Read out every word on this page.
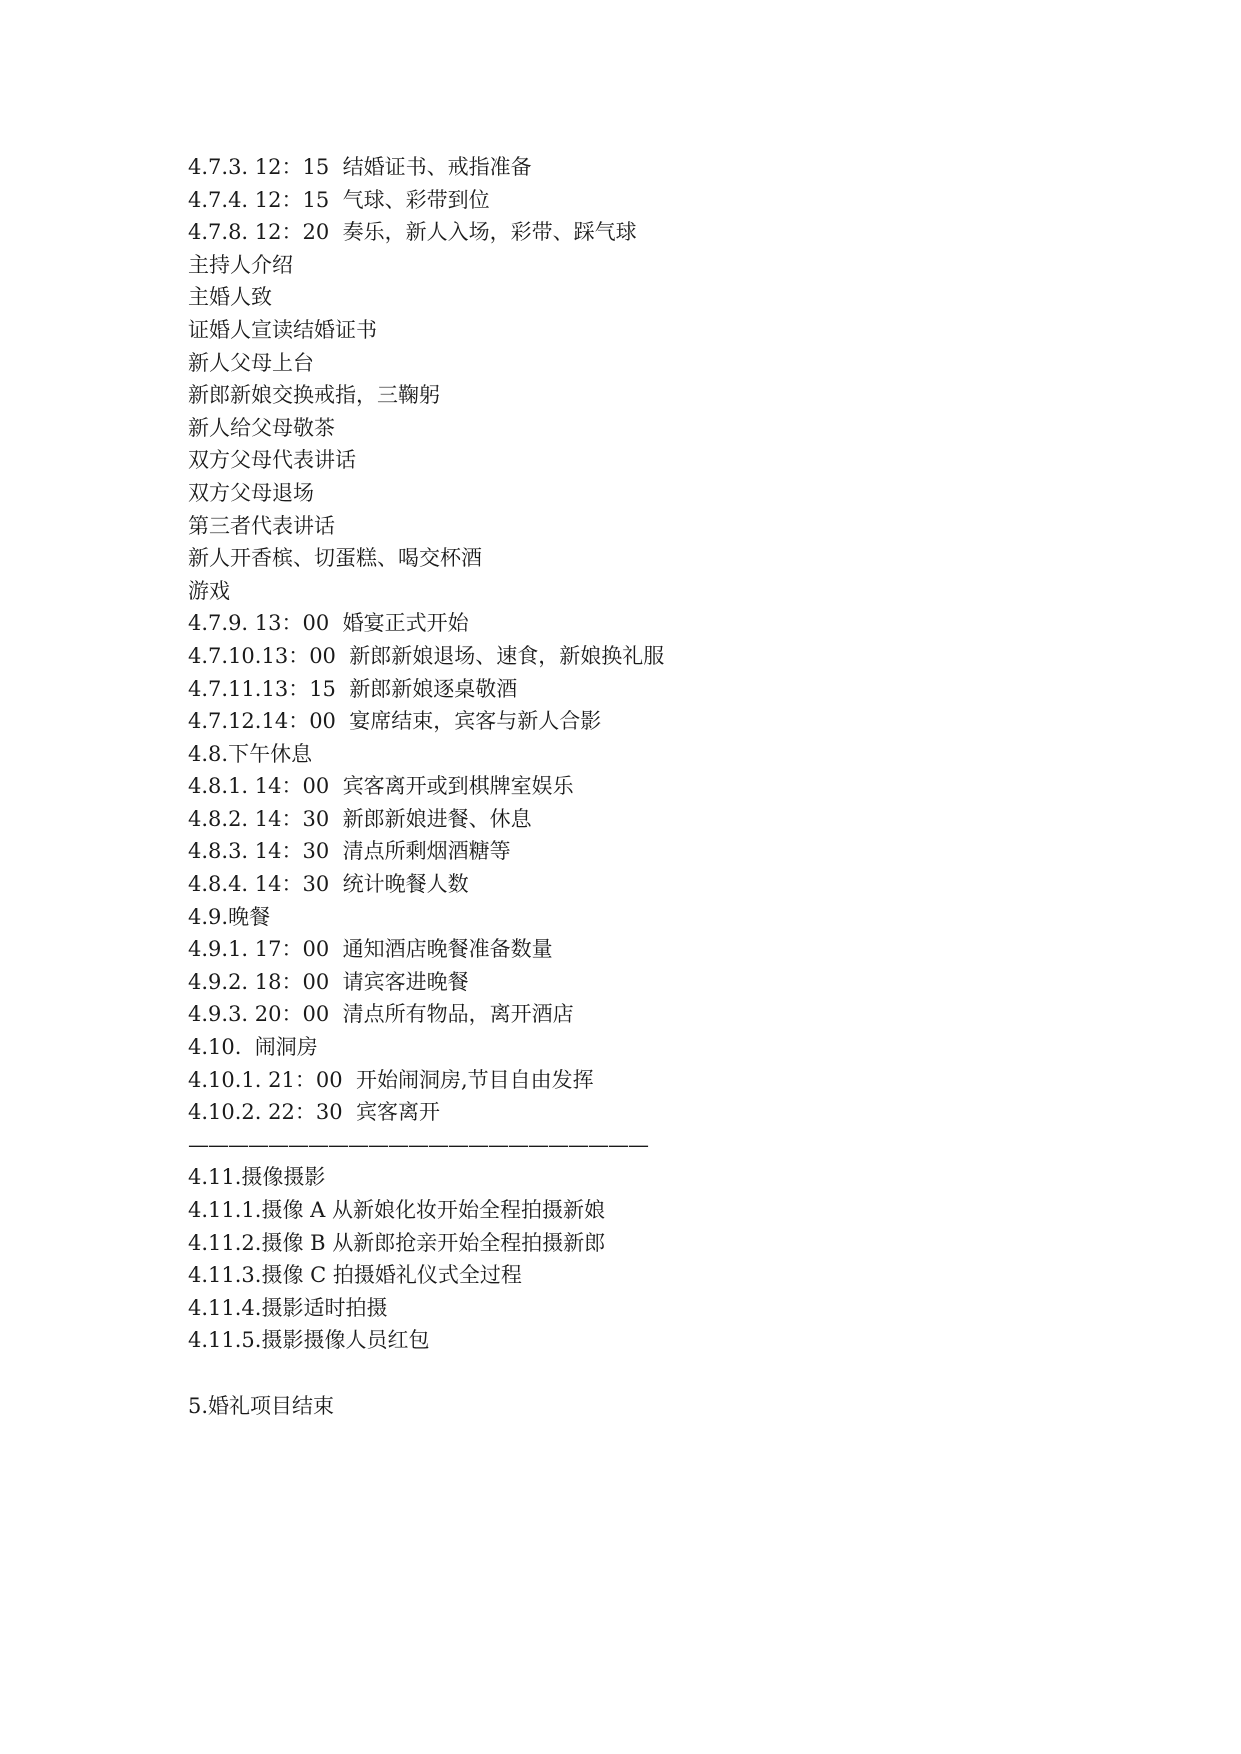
4.7.3. 12：15  结婚证书、戒指准备
4.7.4. 12：15  气球、彩带到位
4.7.8. 12：20  奏乐，新人入场，彩带、踩气球
主持人介绍
主婚人致
证婚人宣读结婚证书
新人父母上台
新郎新娘交换戒指，三鞠躬
新人给父母敬茶
双方父母代表讲话
双方父母退场
第三者代表讲话
新人开香槟、切蛋糕、喝交杯酒
游戏
4.7.9. 13：00  婚宴正式开始
4.7.10.13：00  新郎新娘退场、速食，新娘换礼服
4.7.11.13：15  新郎新娘逐桌敬酒
4.7.12.14：00  宴席结束，宾客与新人合影
4.8.下午休息
4.8.1. 14：00  宾客离开或到棋牌室娱乐
4.8.2. 14：30  新郎新娘进餐、休息
4.8.3. 14：30  清点所剩烟酒糖等
4.8.4. 14：30  统计晚餐人数
4.9.晚餐
4.9.1. 17：00  通知酒店晚餐准备数量
4.9.2. 18：00  请宾客进晚餐
4.9.3. 20：00  清点所有物品，离开酒店
4.10.  闹洞房
4.10.1. 21：00  开始闹洞房,节目自由发挥
4.10.2. 22：30  宾客离开
———————————————————————
4.11.摄像摄影
4.11.1.摄像 A 从新娘化妆开始全程拍摄新娘
4.11.2.摄像 B 从新郎抢亲开始全程拍摄新郎
4.11.3.摄像 C 拍摄婚礼仪式全过程
4.11.4.摄影适时拍摄
4.11.5.摄影摄像人员红包
5.婚礼项目结束
